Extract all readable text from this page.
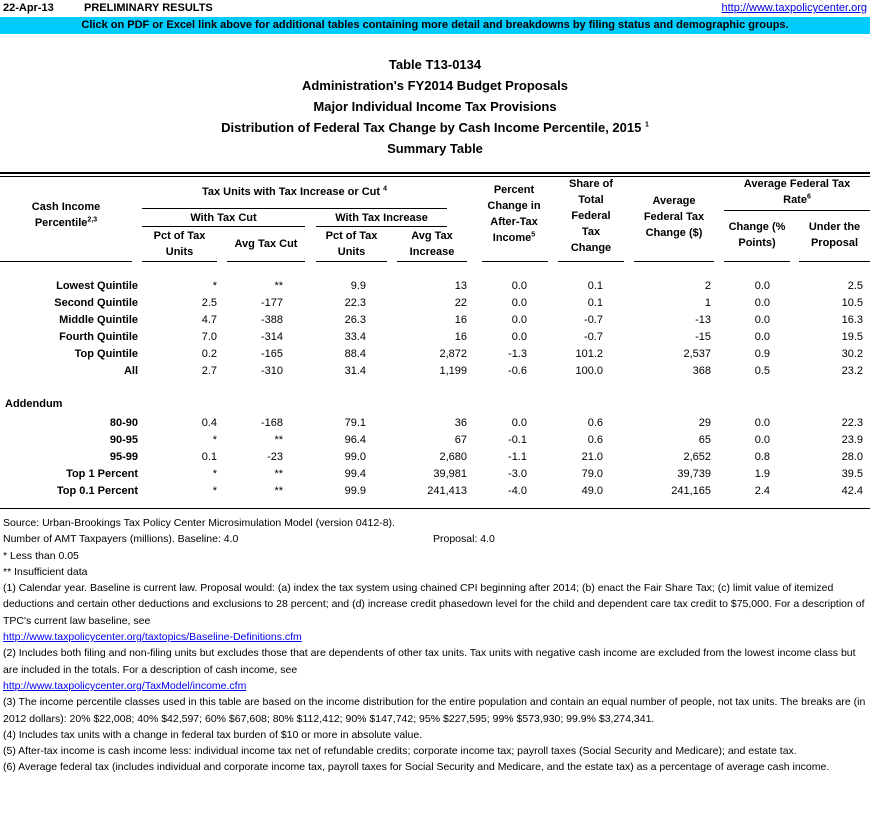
22-Apr-13	PRELIMINARY RESULTS	http://www.taxpolicycenter.org
Click on PDF or Excel link above for additional tables containing more detail and breakdowns by filing status and demographic groups.
Table T13-0134
Administration's FY2014 Budget Proposals
Major Individual Income Tax Provisions
Distribution of Federal Tax Change by Cash Income Percentile, 2015 $^1$
Summary Table
Cash Income
Percentile$^{2,3}$
Tax Units with Tax Increase or Cut $^4$
With Tax Cut	With Tax Increase
Pct of Tax
Units
Avg Tax Cut
Pct of Tax
Units
Avg Tax
Increase
Percent
Change in
After-Tax
Income$^5$
Share of
Total
Federal
Tax
Change
Average
Federal Tax
Change ($)
Average Federal Tax
Rate$^6$
Change (%
Points)
Under the
Proposal
Lowest Quintile	*	**	9.9	13	0.0	0.1	2	0.0	2.5
Second Quintile	2.5	-177	22.3	22	0.0	0.1	1	0.0	10.5
Middle Quintile	4.7	-388	26.3	16	0.0	-0.7	-13	0.0	16.3
Fourth Quintile	7.0	-314	33.4	16	0.0	-0.7	-15	0.0	19.5
Top Quintile	0.2	-165	88.4	2,872	-1.3	101.2	2,537	0.9	30.2
All	2.7	-310	31.4	1,199	-0.6	100.0	368	0.5	23.2
Addendum
80-90	0.4	-168	79.1	36	0.0	0.6	29	0.0	22.3
90-95	*	**	96.4	67	-0.1	0.6	65	0.0	23.9
95-99	0.1	-23	99.0	2,680	-1.1	21.0	2,652	0.8	28.0
Top 1 Percent	*	**	99.4	39,981	-3.0	79.0	39,739	1.9	39.5
Top 0.1 Percent	*	**	99.9	241,413	-4.0	49.0	241,165	2.4	42.4
Source: Urban-Brookings Tax Policy Center Microsimulation Model (version 0412-8).
Number of AMT Taxpayers (millions). Baseline: 4.0	Proposal: 4.0
* Less than 0.05
** Insufficient data
(1) Calendar year. Baseline is current law. Proposal would: (a) index the tax system using chained CPI beginning after 2014; (b) enact the Fair Share Tax; (c) limit value of itemized deductions and certain other deductions and exclusions to 28 percent; and (d) increase credit phasedown level for the child and dependent care tax credit to $75,000. For a description of TPC's current law baseline, see
http://www.taxpolicycenter.org/taxtopics/Baseline-Definitions.cfm
(2) Includes both filing and non-filing units but excludes those that are dependents of other tax units. Tax units with negative cash income are excluded from the lowest income class but are included in the totals. For a description of cash income, see
http://www.taxpolicycenter.org/TaxModel/income.cfm
(3) The income percentile classes used in this table are based on the income distribution for the entire population and contain an equal number of people, not tax units. The breaks are (in 2012 dollars): 20% $22,008; 40% $42,597; 60% $67,608; 80% $112,412; 90% $147,742; 95% $227,595; 99% $573,930; 99.9% $3,274,341.
(4) Includes tax units with a change in federal tax burden of $10 or more in absolute value.
(5) After-tax income is cash income less: individual income tax net of refundable credits; corporate income tax; payroll taxes (Social Security and Medicare); and estate tax.
(6) Average federal tax (includes individual and corporate income tax, payroll taxes for Social Security and Medicare, and the estate tax) as a percentage of average cash income.
